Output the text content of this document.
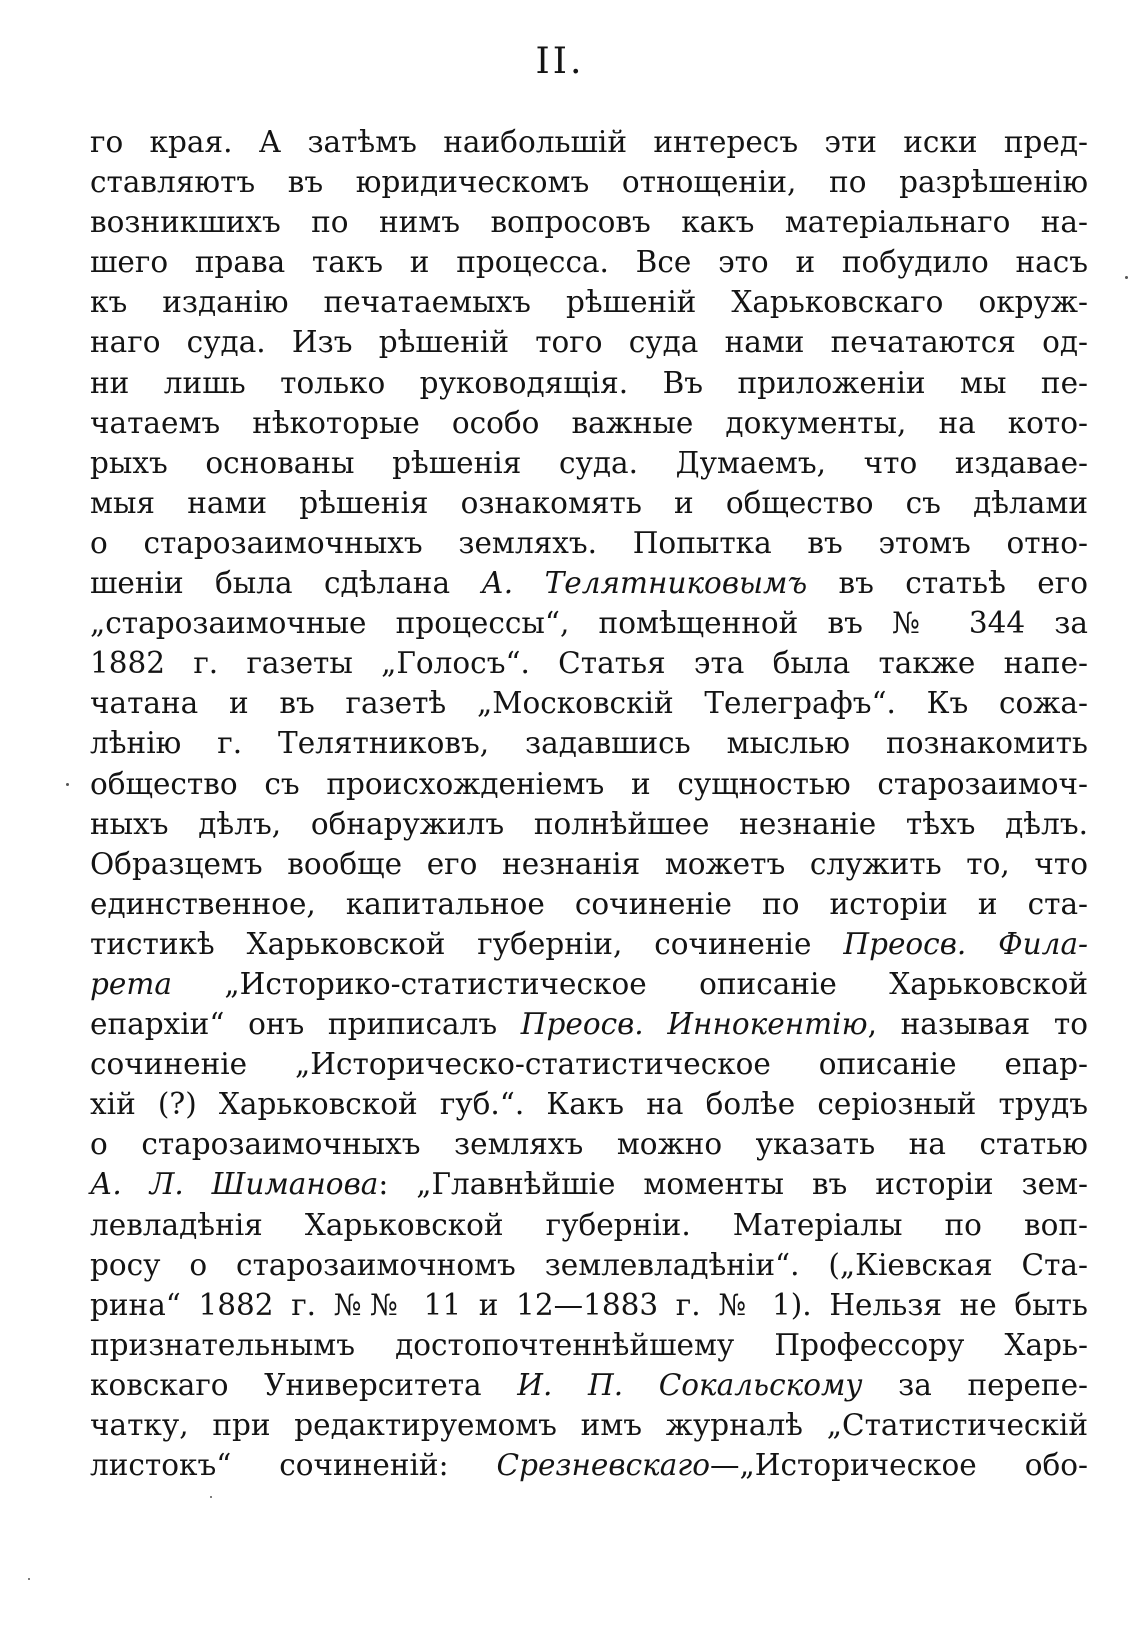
II.
го края. А затѣмъ наибольшій интересъ эти иски пред-
ставляютъ въ юридическомъ отнощеніи, по разрѣшенію
возникшихъ по нимъ вопросовъ какъ матеріальнаго на-
шего права такъ и процесса. Все это и побудило насъ
къ изданію печатаемыхъ рѣшеній Харьковскаго окруж-
наго суда. Изъ рѣшеній того суда нами печатаются од-
ни лишь только руководящія. Въ приложеніи мы пе-
чатаемъ нѣкоторые особо важные документы, на кото-
рыхъ основаны рѣшенія суда. Думаемъ, что издавае-
мыя нами рѣшенія ознакомять и общество съ дѣлами
о старозаимочныхъ земляхъ. Попытка въ этомъ отно-
шеніи была сдѣлана А. Телятниковымъ въ статьѣ его
„старозаимочные процессы“, помѣщенной въ № 344 за
1882 г. газеты „Голосъ“. Статья эта была также напе-
чатана и въ газетѣ „Московскій Телеграфъ“. Къ сожа-
лѣнію г. Телятниковъ, задавшись мыслью познакомить
общество съ происхожденіемъ и сущностью старозаимоч-
ныхъ дѣлъ, обнаружилъ полнѣйшее незнаніе тѣхъ дѣлъ.
Образцемъ вообще его незнанія можетъ служить то, что
единственное, капитальное сочиненіе по исторіи и ста-
тистикѣ Харьковской губерніи, сочиненіе Преосв. Фила-
рета „Историко-статистическое описаніе Харьковской
епархіи“ онъ приписалъ Преосв. Иннокентію, называя то
сочиненіе „Историческо-статистическое описаніе епар-
хій (?) Харьковской губ.“. Какъ на болѣе серіозный трудъ
о старозаимочныхъ земляхъ можно указать на статью
А. Л. Шиманова: „Главнѣйшіе моменты въ исторіи зем-
левладѣнія Харьковской губерніи. Матеріалы по воп-
росу о старозаимочномъ землевладѣніи“. („Кіевская Ста-
рина“ 1882 г. №№ 11 и 12—1883 г. № 1). Нельзя не быть
признательнымъ достопочтеннѣйшему Профессору Харь-
ковскаго Университета И. П. Сокальскому за перепе-
чатку, при редактируемомъ имъ журналѣ „Статистическій
листокъ“ сочиненій: Срезневскаго—„Историческое обо-
